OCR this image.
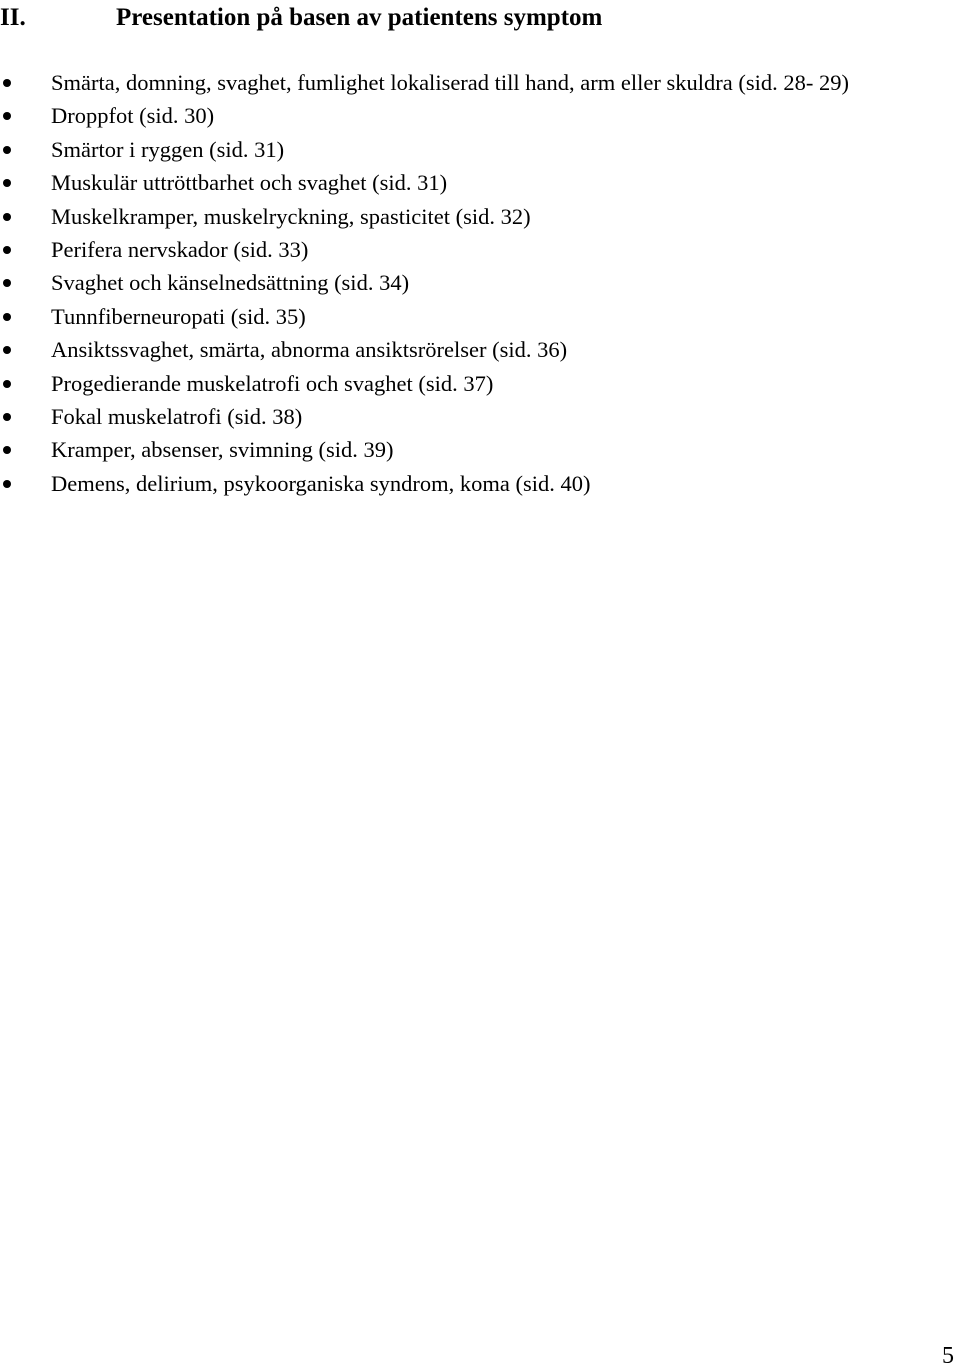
II.	Presentation på basen av patientens symptom
Smärta, domning, svaghet, fumlighet lokaliserad till hand, arm eller skuldra (sid. 28- 29)
Droppfot (sid. 30)
Smärtor i ryggen (sid. 31)
Muskulär uttröttbarhet och svaghet (sid. 31)
Muskelkramper, muskelryckning, spasticitet (sid. 32)
Perifera nervskador (sid. 33)
Svaghet och känselnedsättning (sid. 34)
Tunnfiberneuropati (sid. 35)
Ansiktssvaghet, smärta, abnorma ansiktsrörelser (sid. 36)
Progedierande muskelatrofi och svaghet (sid. 37)
Fokal muskelatrofi (sid. 38)
Kramper, absenser, svimning (sid. 39)
Demens, delirium, psykoorganiska syndrom, koma (sid. 40)
5
